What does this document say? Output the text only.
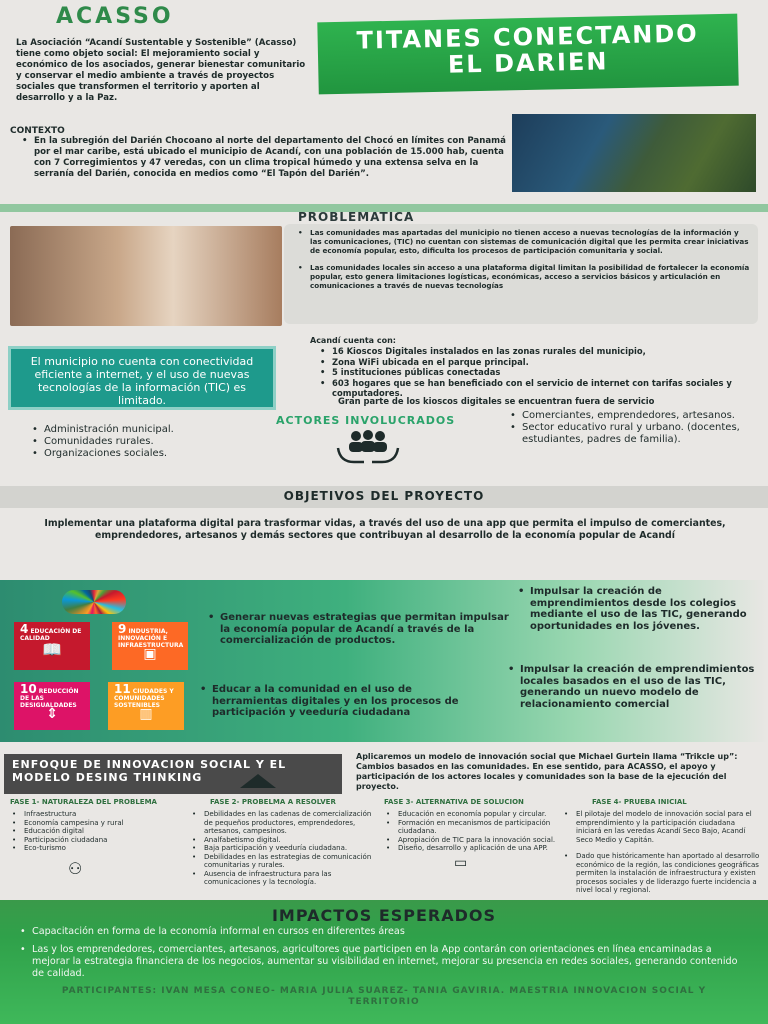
ACASSO
La Asociación “Acandí Sustentable y Sostenible” (Acasso) tiene como objeto social: El mejoramiento social y económico de los asociados, generar bienestar comunitario y conservar el medio ambiente a través de proyectos sociales que transformen el territorio y aporten al desarrollo y a la Paz.
TITANES CONECTANDO
EL DARIEN
CONTEXTO
• En la subregión del Darién Chocoano al norte del departamento del Chocó en límites con Panamá por el mar caribe, está ubicado el municipio de Acandí, con una población de 15.000 hab, cuenta con 7 Corregimientos y 47 veredas, con un clima tropical húmedo y una extensa selva en la serranía del Darién, conocida en medios como “El Tapón del Darién”.
PROBLEMATICA
• Las comunidades mas apartadas del municipio no tienen acceso a nuevas tecnologías de la información y las comunicaciones, (TIC) no cuentan con sistemas de comunicación digital que les permita crear iniciativas de economía popular, esto, dificulta los procesos de participación comunitaria y social.
• Las comunidades locales sin acceso a una plataforma digital limitan la posibilidad de fortalecer la economía popular, esto genera limitaciones logísticas, económicas, acceso a servicios básicos y articulación en comunicaciones a través de nuevas tecnologías
El municipio no cuenta con conectividad eficiente a internet, y el uso de nuevas tecnologías de la información (TIC) es limitado.
Acandí cuenta con:
• 16 Kioscos Digitales instalados en las zonas rurales del municipio,
• Zona WiFi ubicada en el parque principal.
• 5 instituciones públicas conectadas
• 603 hogares que se han beneficiado con el servicio de internet con tarifas sociales y computadores.
Gran parte de los kioscos digitales se encuentran fuera de servicio
ACTORES INVOLUCRADOS
• Administración municipal.
• Comunidades rurales.
• Organizaciones sociales.
• Comerciantes, emprendedores, artesanos.
• Sector educativo rural y urbano. (docentes, estudiantes, padres de familia).
OBJETIVOS DEL PROYECTO
Implementar una plataforma digital para trasformar vidas, a través del uso de una app que permita el impulso de comerciantes, emprendedores, artesanos y demás sectores que contribuyan al desarrollo de la economía popular de Acandí
4 EDUCACIÓN DE CALIDAD
📖
9 INDUSTRIA, INNOVACIÓN E INFRAESTRUCTURA
▣
10 REDUCCIÓN DE LAS DESIGUALDADES
⇕
11 CIUDADES Y COMUNIDADES SOSTENIBLES
▥
• Generar nuevas estrategias que permitan impulsar la economía popular de Acandí a través de la comercialización de productos.
• Educar a la comunidad en el uso de herramientas digitales y en los procesos de participación y veeduría ciudadana
• Impulsar la creación de emprendimientos desde los colegios mediante el uso de las TIC, generando oportunidades en los jóvenes.
• Impulsar la creación de emprendimientos locales basados en el uso de las TIC, generando un nuevo modelo de relacionamiento comercial
ENFOQUE DE INNOVACION SOCIAL Y EL MODELO DESING THINKING
Aplicaremos un modelo de innovación social que Michael Gurtein llama “Trikcle up”: Cambios basados en las comunidades. En ese sentido, para ACASSO, el apoyo y participación de los actores locales y comunidades son la base de la ejecución del proyecto.
FASE 1- NATURALEZA DEL PROBLEMA
• Infraestructura
• Economía campesina y rural
• Educación digital
• Participación ciudadana
• Eco-turismo
⚇
FASE 2- PROBELMA A RESOLVER
• Debilidades en las cadenas de comercialización de pequeños productores, emprendedores, artesanos, campesinos.
• Analfabetismo digital.
• Baja participación y veeduría ciudadana.
• Debilidades en las estrategias de comunicación comunitarias y rurales.
• Ausencia de infraestructura para las comunicaciones y la tecnología.
FASE 3- ALTERNATIVA DE SOLUCION
• Educación en economía popular y circular.
• Formación en mecanismos de participación ciudadana.
• Apropiación de TIC para la innovación social.
• Diseño, desarrollo y aplicación de una APP.
▭
FASE 4- PRUEBA INICIAL
• El pilotaje del modelo de innovación social para el emprendimiento y la participación ciudadana iniciará en las veredas Acandí Seco Bajo, Acandí Seco Medio y Capitán.
• Dado que históricamente han aportado al desarrollo económico de la región, las condiciones geográficas permiten la instalación de infraestructura y existen procesos sociales y de liderazgo fuerte incidencia a nivel local y regional.
IMPACTOS ESPERADOS
• Capacitación en forma de la economía informal en cursos en diferentes áreas
• Las y los emprendedores, comerciantes, artesanos, agricultores que participen en la App contarán con orientaciones en línea encaminadas a mejorar la estrategia financiera de los negocios, aumentar su visibilidad en internet, mejorar su presencia en redes sociales, generando contenido de calidad.
PARTICIPANTES: IVAN MESA CONEO- MARIA JULIA SUAREZ- TANIA GAVIRIA. MAESTRIA INNOVACION SOCIAL Y TERRITORIO
